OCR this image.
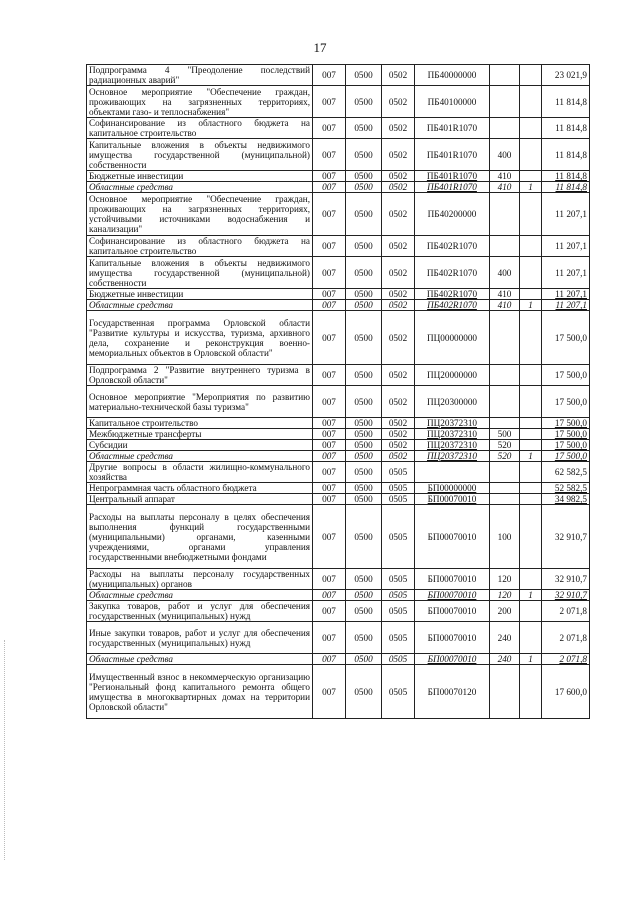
17
Подпрограмма 4 "Преодоление последствий радиационных аварий"	007	0500	0502	ПБ40000000			23 021,9
Основное мероприятие "Обеспечение граждан, проживающих на загрязненных территориях, объектами газо- и теплоснабжения"	007	0500	0502	ПБ40100000			11 814,8
Софинансирование из областного бюджета на капитальное строительство	007	0500	0502	ПБ401R1070			11 814,8
Капитальные вложения в объекты недвижимого имущества государственной (муниципальной) собственности	007	0500	0502	ПБ401R1070	400		11 814,8
Бюджетные инвестиции	007	0500	0502	ПБ401R1070	410		11 814,8
Областные средства	007	0500	0502	ПБ401R1070	410	1	11 814,8
Основное мероприятие "Обеспечение граждан, проживающих на загрязненных территориях, устойчивыми источниками водоснабжения и канализации"	007	0500	0502	ПБ40200000			11 207,1
Софинансирование из областного бюджета на капитальное строительство	007	0500	0502	ПБ402R1070			11 207,1
Капитальные вложения в объекты недвижимого имущества государственной (муниципальной) собственности	007	0500	0502	ПБ402R1070	400		11 207,1
Бюджетные инвестиции	007	0500	0502	ПБ402R1070	410		11 207,1
Областные средства	007	0500	0502	ПБ402R1070	410	1	11 207,1
Государственная программа Орловской области "Развитие культуры и искусства, туризма, архивного дела, сохранение и реконструкция военно-мемориальных объектов в Орловской области"	007	0500	0502	ПЦ00000000			17 500,0
Подпрограмма 2 "Развитие внутреннего туризма в Орловской области"	007	0500	0502	ПЦ20000000			17 500,0
Основное мероприятие "Мероприятия по развитию материально-технической базы туризма"	007	0500	0502	ПЦ20300000			17 500,0
Капитальное строительство	007	0500	0502	ПЦ20372310			17 500,0
Межбюджетные трансферты	007	0500	0502	ПЦ20372310	500		17 500,0
Субсидии	007	0500	0502	ПЦ20372310	520		17 500,0
Областные средства	007	0500	0502	ПЦ20372310	520	1	17 500,0
Другие вопросы в области жилищно-коммунального хозяйства	007	0500	0505				62 582,5
Непрограммная часть областного бюджета	007	0500	0505	БП00000000			52 582,5
Центральный аппарат	007	0500	0505	БП00070010			34 982,5
Расходы на выплаты персоналу в целях обеспечения выполнения функций государственными (муниципальными) органами, казенными учреждениями, органами управления государственными внебюджетными фондами	007	0500	0505	БП00070010	100		32 910,7
Расходы на выплаты персоналу государственных (муниципальных) органов	007	0500	0505	БП00070010	120		32 910,7
Областные средства	007	0500	0505	БП00070010	120	1	32 910,7
Закупка товаров, работ и услуг для обеспечения государственных (муниципальных) нужд	007	0500	0505	БП00070010	200		2 071,8
Иные закупки товаров, работ и услуг для обеспечения государственных (муниципальных) нужд	007	0500	0505	БП00070010	240		2 071,8
Областные средства	007	0500	0505	БП00070010	240	1	2 071,8
Имущественный взнос в некоммерческую организацию "Региональный фонд капитального ремонта общего имущества в многоквартирных домах на территории Орловской области"	007	0500	0505	БП00070120			17 600,0
